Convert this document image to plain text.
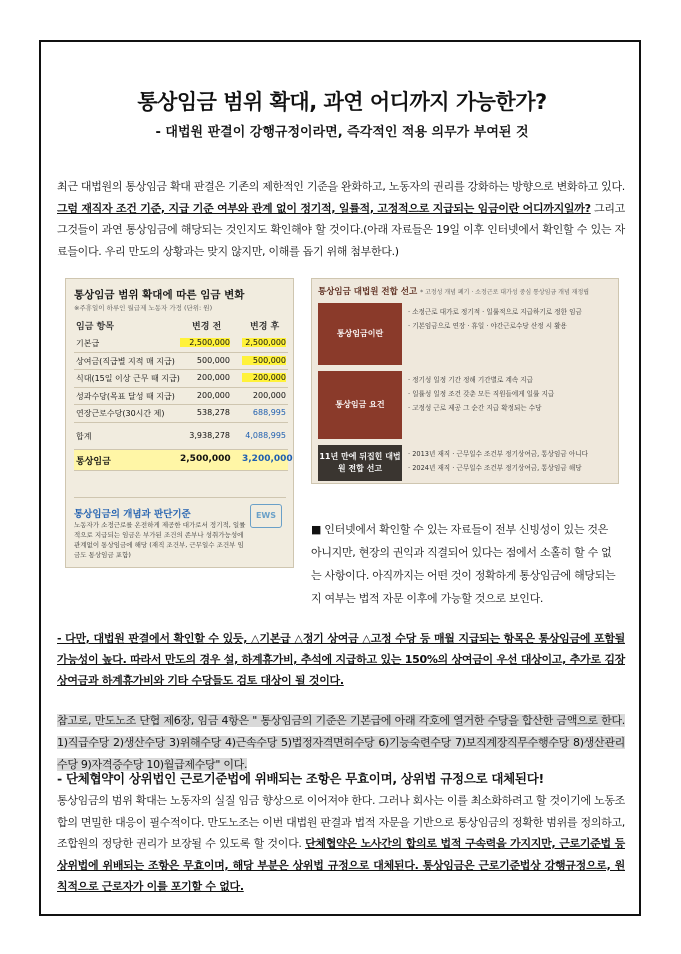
통상임금 범위 확대, 과연 어디까지 가능한가?
- 대법원 판결이 강행규정이라면, 즉각적인 적용 의무가 부여된 것
최근 대법원의 통상임금 확대 판결은 기존의 제한적인 기준을 완화하고, 노동자의 권리를 강화하는 방향으로 변화하고 있다. 그럼 재직자 조건 기준, 지급 기준 여부와 관계 없이 정기적, 일률적, 고정적으로 지급되는 임금이란 어디까지일까? 그리고 그것들이 과연 통상임금에 해당되는 것인지도 확인해야 할 것이다.(아래 자료들은 19일 이후 인터넷에서 확인할 수 있는 자료들이다. 우리 만도의 상황과는 맞지 않지만, 이해를 돕기 위해 첨부한다.)
통상임금 범위 확대에 따른 임금 변화
※주휴일이 하루인 월급제 노동자 가정 (단위: 원)
임금 항목	변경 전	변경 후
기본급	2,500,000	2,500,000
상여금(직급별 지적 매 지급)	500,000	500,000
식대(15일 이상 근무 때 지급)	200,000	200,000
성과수당(목표 달성 때 지급)	200,000	200,000
연장근로수당(30시간 제)	538,278	688,995
합계	3,938,278	4,088,995
통상임금	2,500,000 3,200,000
통상임금의 개념과 판단기준
노동자가 소정근로를 온전하게 제공한 대가로서 정기적, 일률적으로 지급되는 임금은 부가된 조건의 존부나 성취가능성에 관계없이 통상임금에 해당 (재직 조건부, 근무일수 조건부 임금도 통상임금 포함)
EWS
통상임금 대법원 전합 선고 * 고정성 개념 폐기 · 소정근로 대가성 중심 통상임금 개념 재정립
통상임금이란
· 소정근로 대가로 정기적 · 일률적으로 지급하기로 정한 임금
· 기본임금으로 연장 · 휴일 · 야간근로수당 산정 시 활용
통상임금 요건
· 정기성 일정 기간 정해 기간별로 계속 지급
· 일률성 일정 조건 갖춘 모든 직원들에게 일률 지급
· 고정성 근로 제공 그 순간 지급 확정되는 수당
11년 만에 뒤집힌 대법원 전합 선고
· 2013년 재직 · 근무일수 조건부 정기상여금, 통상임금 아니다
· 2024년 재직 · 근무일수 조건부 정기상여금, 통상임금 해당
■ 인터넷에서 확인할 수 있는 자료들이 전부 신빙성이 있는 것은 아니지만, 현장의 권익과 직결되어 있다는 점에서 소홀히 할 수 없는 사항이다. 아직까지는 어떤 것이 정확하게 통상임금에 해당되는지 여부는 법적 자문 이후에 가능할 것으로 보인다.
- 다만, 대법원 판결에서 확인할 수 있듯, △기본급 △정기 상여금 △고정 수당 등 매월 지급되는 항목은 통상임금에 포함될 가능성이 높다. 따라서 만도의 경우 설, 하계휴가비, 추석에 지급하고 있는 150%의 상여금이 우선 대상이고, 추가로 김장 상여금과 하계휴가비와 기타 수당들도 검토 대상이 될 것이다.
참고로, 만도노조 단협 제6장, 임금 4항은 " 통상임금의 기준은 기본급에 아래 각호에 열거한 수당을 합산한 금액으로 한다. 1)직급수당 2)생산수당 3)위해수당 4)근속수당 5)법정자격면허수당 6)기능숙련수당 7)보직계장직무수행수당 8)생산관리수당 9)자격증수당 10)월급제수당" 이다.
- 단체협약이 상위법인 근로기준법에 위배되는 조항은 무효이며, 상위법 규정으로 대체된다!
통상임금의 범위 확대는 노동자의 실질 임금 향상으로 이어져야 한다. 그러나 회사는 이를 최소화하려고 할 것이기에 노동조합의 면밀한 대응이 필수적이다. 만도노조는 이번 대법원 판결과 법적 자문을 기반으로 통상임금의 정확한 범위를 정의하고, 조합원의 정당한 권리가 보장될 수 있도록 할 것이다. 단체협약은 노사간의 합의로 법적 구속력을 가지지만, 근로기준법 등 상위법에 위배되는 조항은 무효이며, 해당 부분은 상위법 규정으로 대체된다. 통상임금은 근로기준법상 강행규정으로, 원칙적으로 근로자가 이를 포기할 수 없다.
